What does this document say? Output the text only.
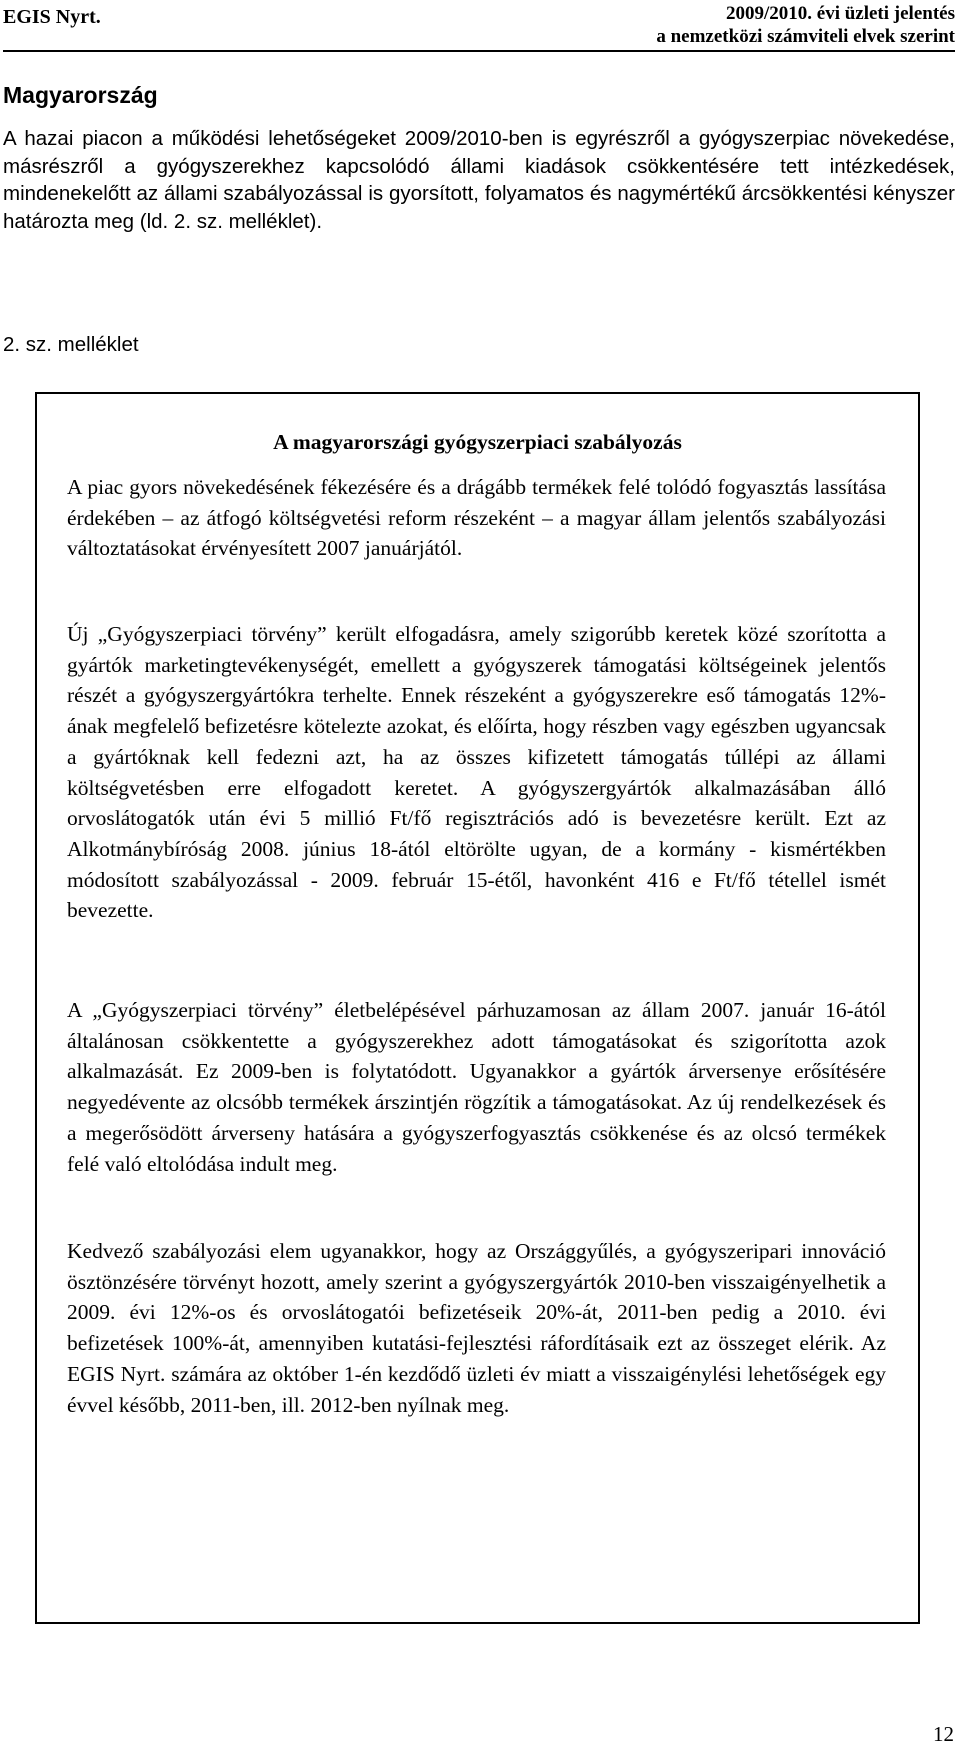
EGIS Nyrt.	2009/2010. évi üzleti jelentés
a nemzetközi számviteli elvek szerint
Magyarország

A hazai piacon a működési lehetőségeket 2009/2010-ben is egyrészről a gyógyszerpiac növekedése, másrészről a gyógyszerekhez kapcsolódó állami kiadások csökkentésére tett intézkedések, mindenekelőtt az állami szabályozással is gyorsított, folyamatos és nagymértékű árcsökkentési kényszer határozta meg (ld. 2. sz. melléklet).

2. sz. melléklet
A magyarországi gyógyszerpiaci szabályozás

A piac gyors növekedésének fékezésére és a drágább termékek felé tolódó fogyasztás lassítása érdekében – az átfogó költségvetési reform részeként – a magyar állam jelentős szabályozási változtatásokat érvényesített 2007 januárjától.

Új „Gyógyszerpiaci törvény” került elfogadásra, amely szigorúbb keretek közé szorította a gyártók marketingtevékenységét, emellett a gyógyszerek támogatási költségeinek jelentős részét a gyógyszergyártókra terhelte. Ennek részeként a gyógyszerekre eső támogatás 12%-ának megfelelő befizetésre kötelezte azokat, és előírta, hogy részben vagy egészben ugyancsak a gyártóknak kell fedezni azt, ha az összes kifizetett támogatás túllépi az állami költségvetésben erre elfogadott keretet. A gyógyszergyártók alkalmazásában álló orvoslátogatók után évi 5 millió Ft/fő regisztrációs adó is bevezetésre került. Ezt az Alkotmánybíróság 2008. június 18-ától eltörölte ugyan, de a kormány - kismértékben módosított szabályozással - 2009. február 15-étől, havonként 416 e Ft/fő tétellel ismét bevezette.

A „Gyógyszerpiaci törvény” életbelépésével párhuzamosan az állam 2007. január 16-ától általánosan csökkentette a gyógyszerekhez adott támogatásokat és szigorította azok alkalmazását. Ez 2009-ben is folytatódott. Ugyanakkor a gyártók árversenye erősítésére negyedévente az olcsóbb termékek árszintjén rögzítik a támogatásokat. Az új rendelkezések és a megerősödött árverseny hatására a gyógyszerfogyasztás csökkenése és az olcsó termékek felé való eltolódása indult meg.

Kedvező szabályozási elem ugyanakkor, hogy az Országgyűlés, a gyógyszeripari innováció ösztönzésére törvényt hozott, amely szerint a gyógyszergyártók 2010-ben visszaigényelhetik a 2009. évi 12%-os és orvoslátogatói befizetéseik 20%-át, 2011-ben pedig a 2010. évi befizetések 100%-át, amennyiben kutatási-fejlesztési ráfordításaik ezt az összeget elérik. Az EGIS Nyrt. számára az október 1-én kezdődő üzleti év miatt a visszaigénylési lehetőségek egy évvel később, 2011-ben, ill. 2012-ben nyílnak meg.

12
